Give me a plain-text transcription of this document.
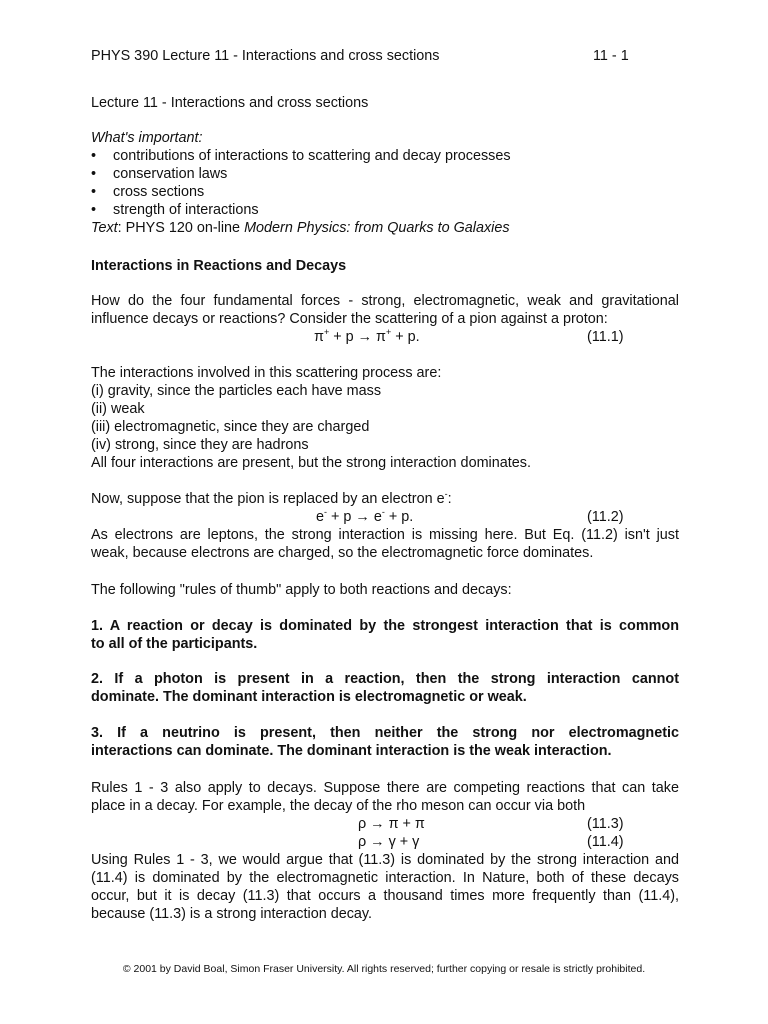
PHYS 390 Lecture 11 - Interactions and cross sections	11 - 1
Lecture 11 - Interactions and cross sections
What's important:
• contributions of interactions to scattering and decay processes
• conservation laws
• cross sections
• strength of interactions
Text: PHYS 120 on-line Modern Physics: from Quarks to Galaxies
Interactions in Reactions and Decays
How do the four fundamental forces - strong, electromagnetic, weak and gravitational
influence decays or reactions? Consider the scattering of a pion against a proton:
π+ + p → π+ + p.	(11.1)
The interactions involved in this scattering process are:
(i) gravity, since the particles each have mass
(ii) weak
(iii) electromagnetic, since they are charged
(iv) strong, since they are hadrons
All four interactions are present, but the strong interaction dominates.
Now, suppose that the pion is replaced by an electron e-:
e- + p → e- + p.	(11.2)
As electrons are leptons, the strong interaction is missing here. But Eq. (11.2) isn't just
weak, because electrons are charged, so the electromagnetic force dominates.
The following "rules of thumb" apply to both reactions and decays:
1. A reaction or decay is dominated by the strongest interaction that is common
to all of the participants.
2. If a photon is present in a reaction, then the strong interaction cannot
dominate. The dominant interaction is electromagnetic or weak.
3. If a neutrino is present, then neither the strong nor electromagnetic
interactions can dominate. The dominant interaction is the weak interaction.
Rules 1 - 3 also apply to decays. Suppose there are competing reactions that can take
place in a decay. For example, the decay of the rho meson can occur via both
ρ → π + π	(11.3)
ρ → γ + γ	(11.4)
Using Rules 1 - 3, we would argue that (11.3) is dominated by the strong interaction and
(11.4) is dominated by the electromagnetic interaction. In Nature, both of these decays
occur, but it is decay (11.3) that occurs a thousand times more frequently than (11.4),
because (11.3) is a strong interaction decay.
© 2001 by David Boal, Simon Fraser University. All rights reserved; further copying or resale is strictly prohibited.
